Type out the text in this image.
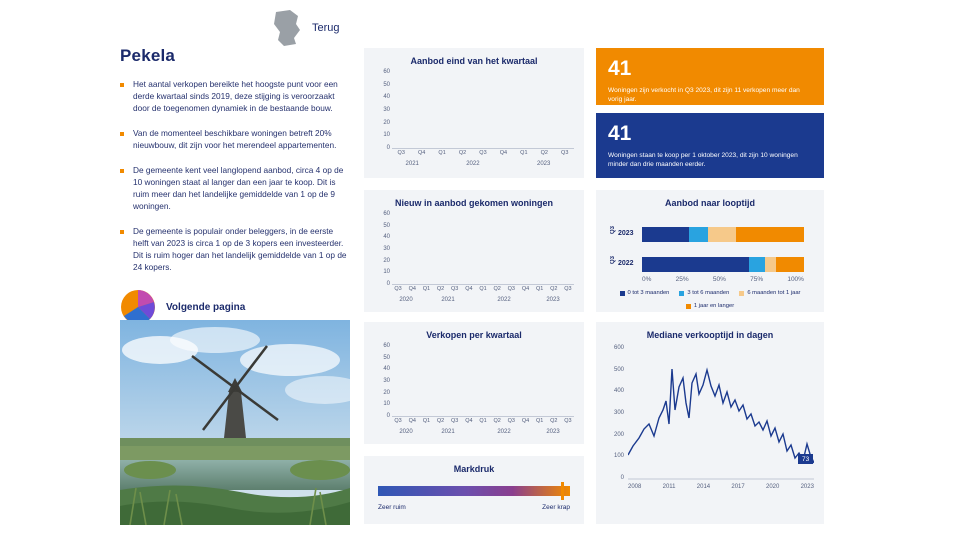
Terug
Pekela
Het aantal verkopen bereikte het hoogste punt voor een derde kwartaal sinds 2019, deze stijging is veroorzaakt door de toegenomen dynamiek in de bestaande bouw.
Van de momenteel beschikbare woningen betreft 20% nieuwbouw, dit zijn voor het merendeel appartementen.
De gemeente kent veel langlopend aanbod, circa 4 op de 10 woningen staat al langer dan een jaar te koop. Dit is ruim meer dan het landelijke gemiddelde van 1 op de 9 woningen.
De gemeente is populair onder beleggers, in de eerste helft van 2023 is circa 1 op de 3 kopers een investeerder. Dit is ruim hoger dan het landelijk gemiddelde van 1 op de 24 kopers.
Volgende pagina
Aanbod eind van het kwartaal
60
50
40
30
20
10
0
Q3	Q4	Q1	Q2	Q3	Q4	Q1	Q2	Q3
2021	2022	2023
41
Woningen zijn verkocht in Q3 2023, dit zijn 11 verkopen meer dan vorig jaar.
41
Woningen staan te koop per 1 oktober 2023, dit zijn 10 woningen minder dan drie maanden eerder.
Nieuw in aanbod gekomen woningen
60
50
40
30
20
10
0
Q3	Q4	Q1	Q2	Q3	Q4	Q1	Q2	Q3	Q4	Q1	Q2	Q3
2020	2021	2022	2023
Aanbod naar looptijd
Q3 2023
Q3 2022
0%	25%	50%	75%	100%
0 tot 3 maanden	3 tot 6 maanden	6 maanden tot 1 jaar
1 jaar en langer
Verkopen per kwartaal
60
50
40
30
20
10
0
Q3	Q4	Q1	Q2	Q3	Q4	Q1	Q2	Q3	Q4	Q1	Q2	Q3
2020	2021	2022	2023
Markdruk
Zeer ruim	Zeer krap
Mediane verkooptijd in dagen
600
500
400
300
200
100
0
73
2008	2011	2014	2017	2020	2023
